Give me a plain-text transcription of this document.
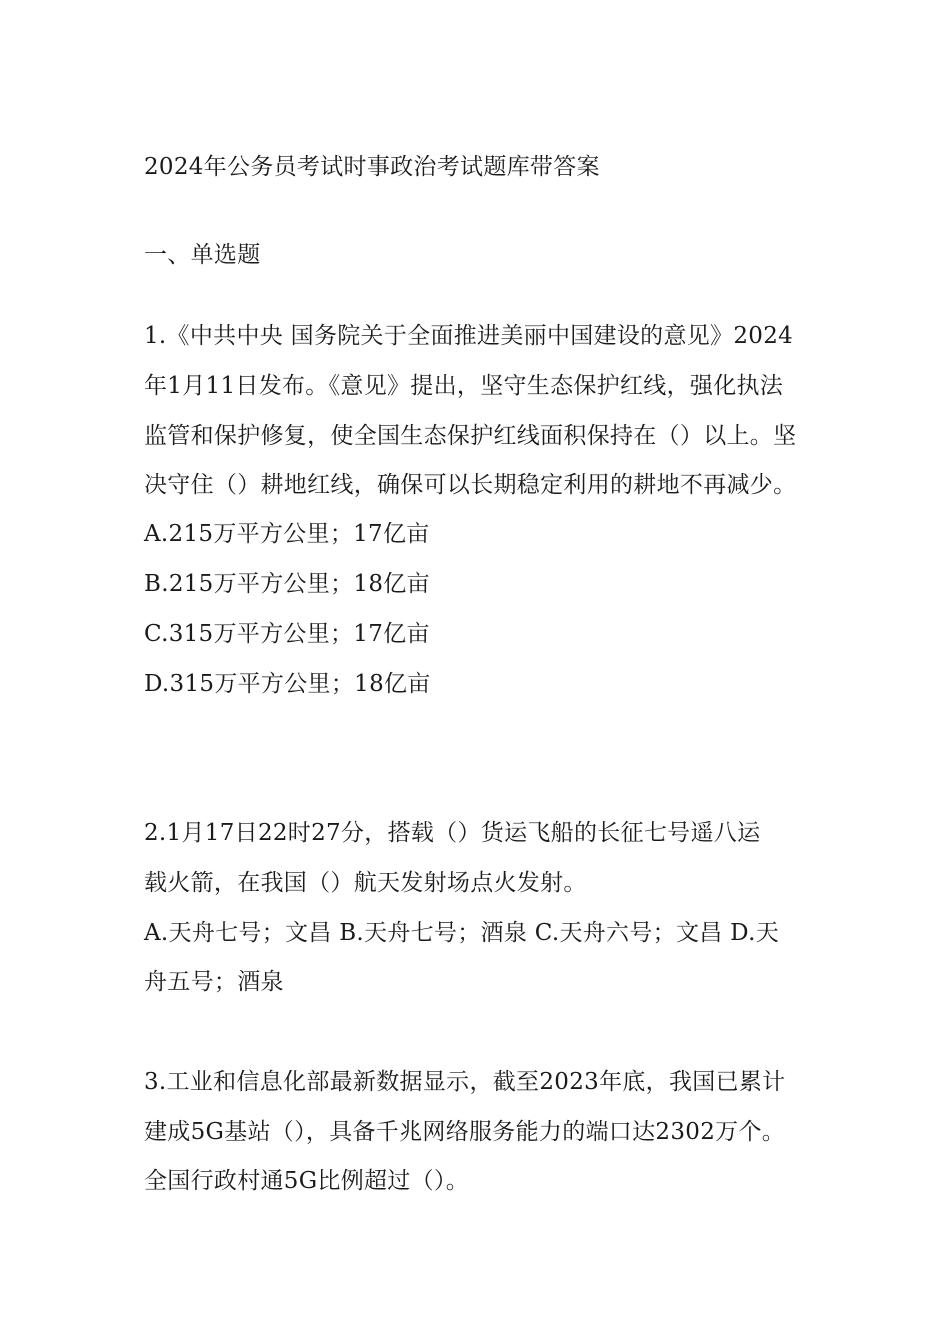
2024年公务员考试时事政治考试题库带答案
一、单选题
1.《中共中央 国务院关于全面推进美丽中国建设的意见》2024
年1月11日发布。《意见》提出，坚守生态保护红线，强化执法
监管和保护修复，使全国生态保护红线面积保持在（）以上。坚
决守住（）耕地红线，确保可以长期稳定利用的耕地不再减少。
A.215万平方公里；17亿亩
B.215万平方公里；18亿亩
C.315万平方公里；17亿亩
D.315万平方公里；18亿亩
2.1月17日22时27分，搭载（）货运飞船的长征七号遥八运
载火箭，在我国（）航天发射场点火发射。
A.天舟七号；文昌 B.天舟七号；酒泉 C.天舟六号；文昌 D.天
舟五号；酒泉
3.工业和信息化部最新数据显示，截至2023年底，我国已累计
建成5G基站（），具备千兆网络服务能力的端口达2302万个。
全国行政村通5G比例超过（）。
